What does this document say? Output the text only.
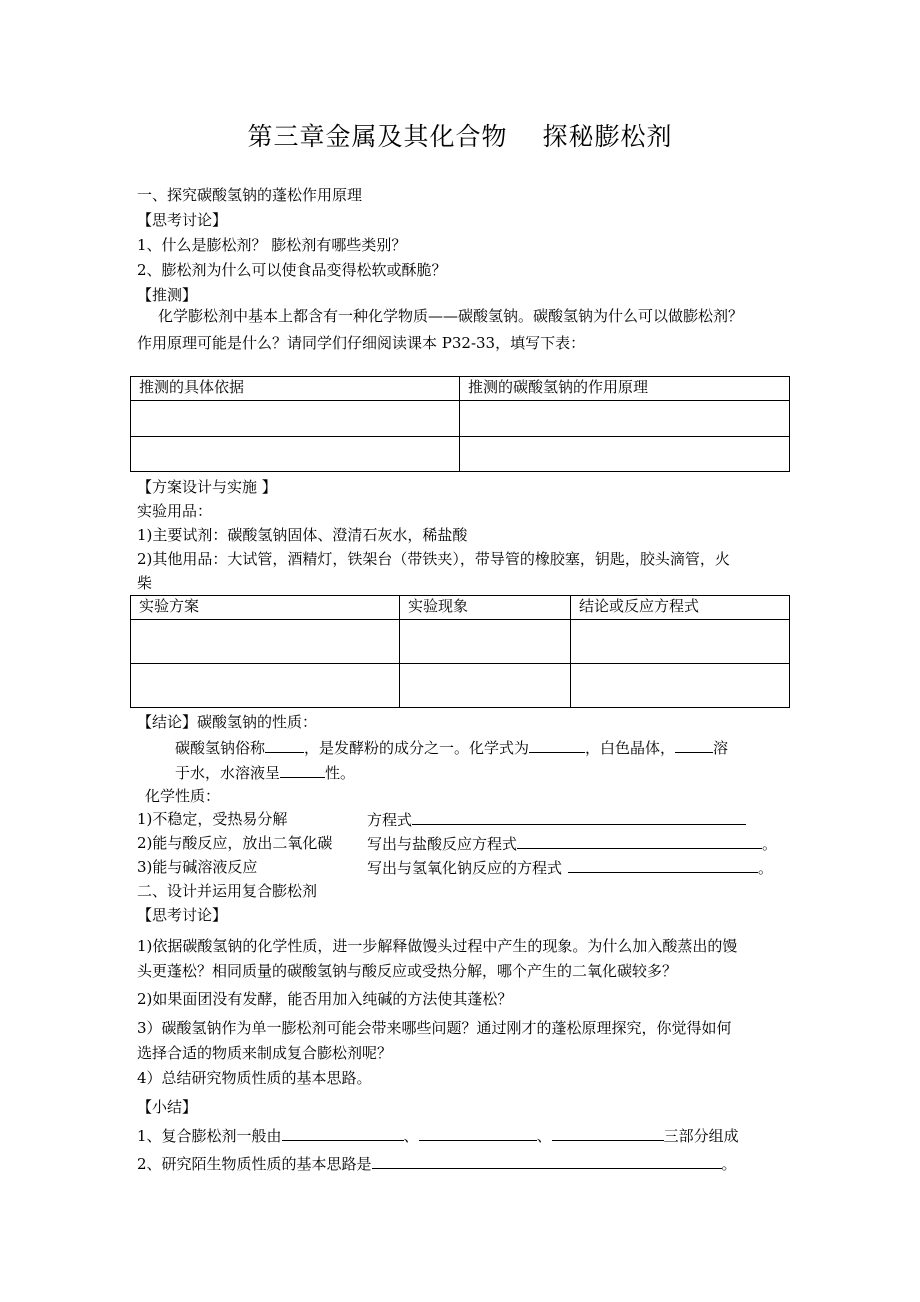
第三章金属及其化合物　 探秘膨松剂
一、探究碳酸氢钠的蓬松作用原理
【思考讨论】
1、什么是膨松剂？ 膨松剂有哪些类别？
2、膨松剂为什么可以使食品变得松软或酥脆？
【推测】
化学膨松剂中基本上都含有一种化学物质——碳酸氢钠。碳酸氢钠为什么可以做膨松剂？
作用原理可能是什么？请同学们仔细阅读课本 P32-33，填写下表：
推测的具体依据	推测的碳酸氢钠的作用原理

【方案设计与实施 】
实验用品：
1)主要试剂：碳酸氢钠固体、澄清石灰水，稀盐酸
2)其他用品：大试管，酒精灯，铁架台（带铁夹），带导管的橡胶塞，钥匙，胶头滴管，火
柴
实验方案	实验现象	结论或反应方程式

【结论】碳酸氢钠的性质：
碳酸氢钠俗称	，是发酵粉的成分之一。化学式为	，白色晶体，	溶
于水，水溶液呈	性。
化学性质：
1)不稳定，受热易分解	方程式
2)能与酸反应，放出二氧化碳 写出与盐酸反应方程式	。
3)能与碱溶液反应	写出与氢氧化钠反应的方程式	。
二、设计并运用复合膨松剂
【思考讨论】
1)依据碳酸氢钠的化学性质，进一步解释做馒头过程中产生的现象。为什么加入酸蒸出的馒
头更蓬松？相同质量的碳酸氢钠与酸反应或受热分解，哪个产生的二氧化碳较多？
2)如果面团没有发酵，能否用加入纯碱的方法使其蓬松？
3）碳酸氢钠作为单一膨松剂可能会带来哪些问题？通过刚才的蓬松原理探究，你觉得如何
选择合适的物质来制成复合膨松剂呢？
4）总结研究物质性质的基本思路。
【小结】
1、复合膨松剂一般由	、	、	三部分组成
2、研究陌生物质性质的基本思路是	。
